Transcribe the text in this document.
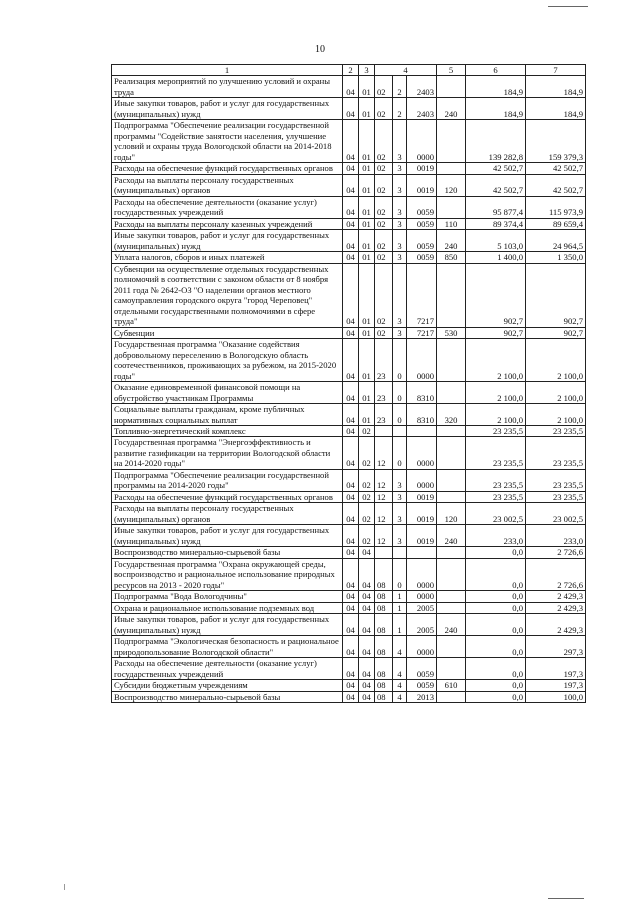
10
1	2	3	4			5	6	7
Реализация мероприятий по улучшению условий и охраны труда	04	01	02	2	2403		184,9	184,9
Иные закупки товаров, работ и услуг для государственных (муниципальных) нужд	04	01	02	2	2403	240	184,9	184,9
Подпрограмма "Обеспечение реализации государственной программы "Содействие занятости населения, улучшение условий и охраны труда Вологодской области на 2014-2018 годы"	04	01	02	3	0000		139 282,8	159 379,3
Расходы на обеспечение функций государственных органов	04	01	02	3	0019		42 502,7	42 502,7
Расходы на выплаты персоналу государственных (муниципальных) органов	04	01	02	3	0019	120	42 502,7	42 502,7
Расходы на обеспечение деятельности (оказание услуг) государственных учреждений	04	01	02	3	0059		95 877,4	115 973,9
Расходы на выплаты персоналу казенных учреждений	04	01	02	3	0059	110	89 374,4	89 659,4
Иные закупки товаров, работ и услуг для государственных (муниципальных) нужд	04	01	02	3	0059	240	5 103,0	24 964,5
Уплата налогов, сборов и иных платежей	04	01	02	3	0059	850	1 400,0	1 350,0
Субвенции на осуществление отдельных государственных полномочий в соответствии с законом области от 8 ноября 2011 года № 2642-ОЗ "О наделении органов местного самоуправления городского округа "город Череповец" отдельными государственными полномочиями в сфере труда"	04	01	02	3	7217		902,7	902,7
Субвенции	04	01	02	3	7217	530	902,7	902,7
Государственная программа "Оказание содействия добровольному переселению в Вологодскую область соотечественников, проживающих за рубежом, на 2015-2020 годы"	04	01	23	0	0000		2 100,0	2 100,0
Оказание единовременной финансовой помощи на обустройство участникам Программы	04	01	23	0	8310		2 100,0	2 100,0
Социальные выплаты гражданам, кроме публичных нормативных социальных выплат	04	01	23	0	8310	320	2 100,0	2 100,0
Топливно-энергетический комплекс	04	02					23 235,5	23 235,5
Государственная программа "Энергоэффективность и развитие газификации на территории Вологодской области на 2014-2020 годы"	04	02	12	0	0000		23 235,5	23 235,5
Подпрограмма "Обеспечение реализации государственной программы на 2014-2020 годы"	04	02	12	3	0000		23 235,5	23 235,5
Расходы на обеспечение функций государственных органов	04	02	12	3	0019		23 235,5	23 235,5
Расходы на выплаты персоналу государственных (муниципальных) органов	04	02	12	3	0019	120	23 002,5	23 002,5
Иные закупки товаров, работ и услуг для государственных (муниципальных) нужд	04	02	12	3	0019	240	233,0	233,0
Воспроизводство минерально-сырьевой базы	04	04					0,0	2 726,6
Государственная программа "Охрана окружающей среды, воспроизводство и рациональное использование природных ресурсов на 2013 - 2020 годы"	04	04	08	0	0000		0,0	2 726,6
Подпрограмма "Вода Вологодчины"	04	04	08	1	0000		0,0	2 429,3
Охрана и рациональное использование подземных вод	04	04	08	1	2005		0,0	2 429,3
Иные закупки товаров, работ и услуг для государственных (муниципальных) нужд	04	04	08	1	2005	240	0,0	2 429,3
Подпрограмма "Экологическая безопасность и рациональное природопользование Вологодской области"	04	04	08	4	0000		0,0	297,3
Расходы на обеспечение деятельности (оказание услуг) государственных учреждений	04	04	08	4	0059		0,0	197,3
Субсидии бюджетным учреждениям	04	04	08	4	0059	610	0,0	197,3
Воспроизводство минерально-сырьевой базы	04	04	08	4	2013		0,0	100,0
